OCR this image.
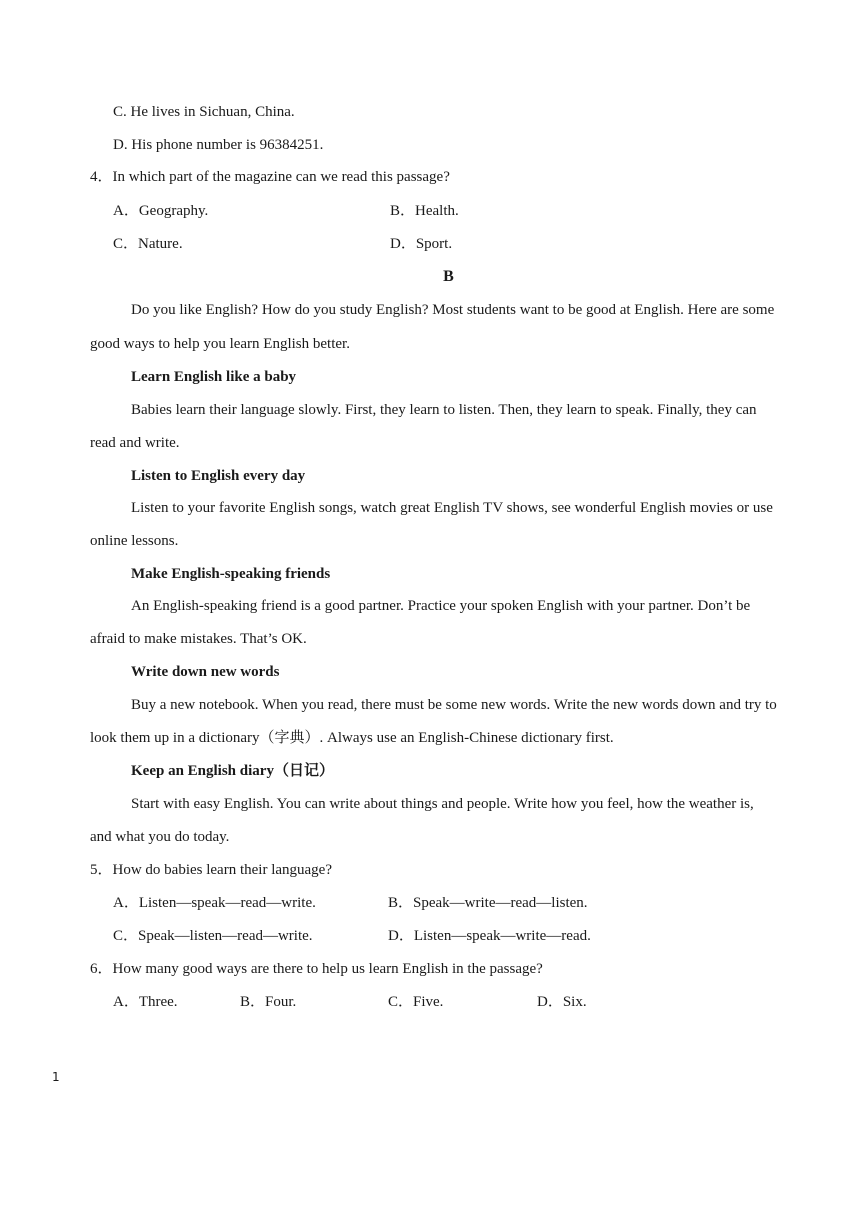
C. He lives in Sichuan, China.
D. His phone number is 96384251.
4．In which part of the magazine can we read this passage?
A．Geography.	B．Health.
C．Nature.	D．Sport.
B
Do you like English? How do you study English? Most students want to be good at English. Here are some
good ways to help you learn English better.
Learn English like a baby
Babies learn their language slowly. First, they learn to listen. Then, they learn to speak. Finally, they can
read and write.
Listen to English every day
Listen to your favorite English songs, watch great English TV shows, see wonderful English movies or use
online lessons.
Make English-speaking friends
An English-speaking friend is a good partner. Practice your spoken English with your partner. Don’t be
afraid to make mistakes. That’s OK.
Write down new words
Buy a new notebook. When you read, there must be some new words. Write the new words down and try to
look them up in a dictionary（字典）. Always use an English-Chinese dictionary first.
Keep an English diary（日记）
Start with easy English. You can write about things and people. Write how you feel, how the weather is,
and what you do today.
5．How do babies learn their language?
A．Listen—speak—read—write.	B．Speak—write—read—listen.
C．Speak—listen—read—write.	D．Listen—speak—write—read.
6．How many good ways are there to help us learn English in the passage?
A．Three.	B．Four.	C．Five.	D．Six.
1
